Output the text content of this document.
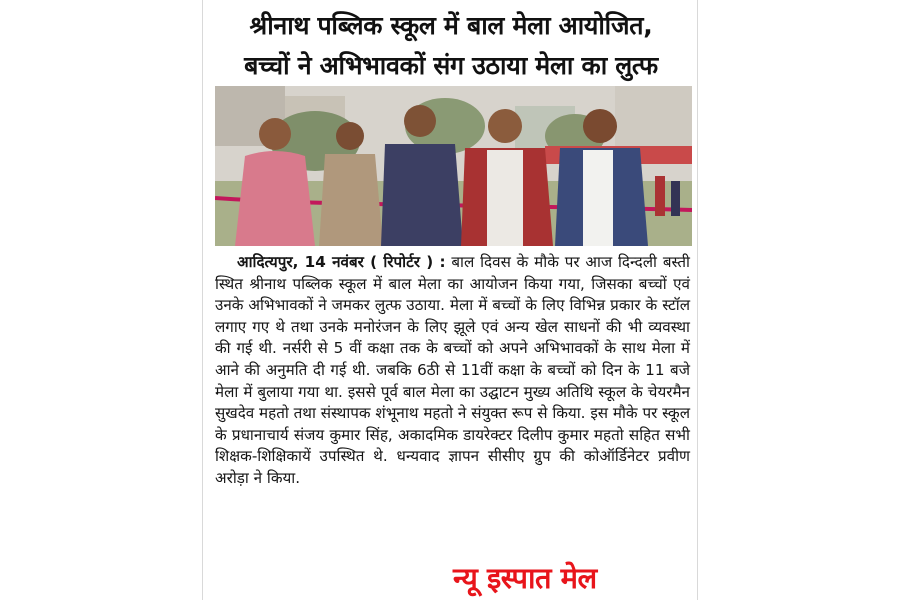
श्रीनाथ पब्लिक स्कूल में बाल मेला आयोजित,
बच्चों ने अभिभावकों संग उठाया मेला का लुत्फ

आदित्यपुर, 14 नवंबर ( रिपोर्टर ) : बाल दिवस के मौके पर आज दिन्दली बस्ती स्थित श्रीनाथ पब्लिक स्कूल में बाल मेला का आयोजन किया गया, जिसका बच्चों एवं उनके अभिभावकों ने जमकर लुत्फ उठाया. मेला में बच्चों के लिए विभिन्न प्रकार के स्टॉल लगाए गए थे तथा उनके मनोरंजन के लिए झूले एवं अन्य खेल साधनों की भी व्यवस्था की गई थी. नर्सरी से 5 वीं कक्षा तक के बच्चों को अपने अभिभावकों के साथ मेला में आने की अनुमति दी गई थी. जबकि 6ठी से 11वीं कक्षा के बच्चों को दिन के 11 बजे मेला में बुलाया गया था. इससे पूर्व बाल मेला का उद्घाटन मुख्य अतिथि स्कूल के चेयरमैन सुखदेव महतो तथा संस्थापक शंभूनाथ महतो ने संयुक्त रूप से किया. इस मौके पर स्कूल के प्रधानाचार्य संजय कुमार सिंह, अकादमिक डायरेक्टर दिलीप कुमार महतो सहित सभी शिक्षक-शिक्षिकायें उपस्थित थे. धन्यवाद ज्ञापन सीसीए ग्रुप की कोऑर्डिनेटर प्रवीण अरोड़ा ने किया.

न्यू इस्पात मेल
